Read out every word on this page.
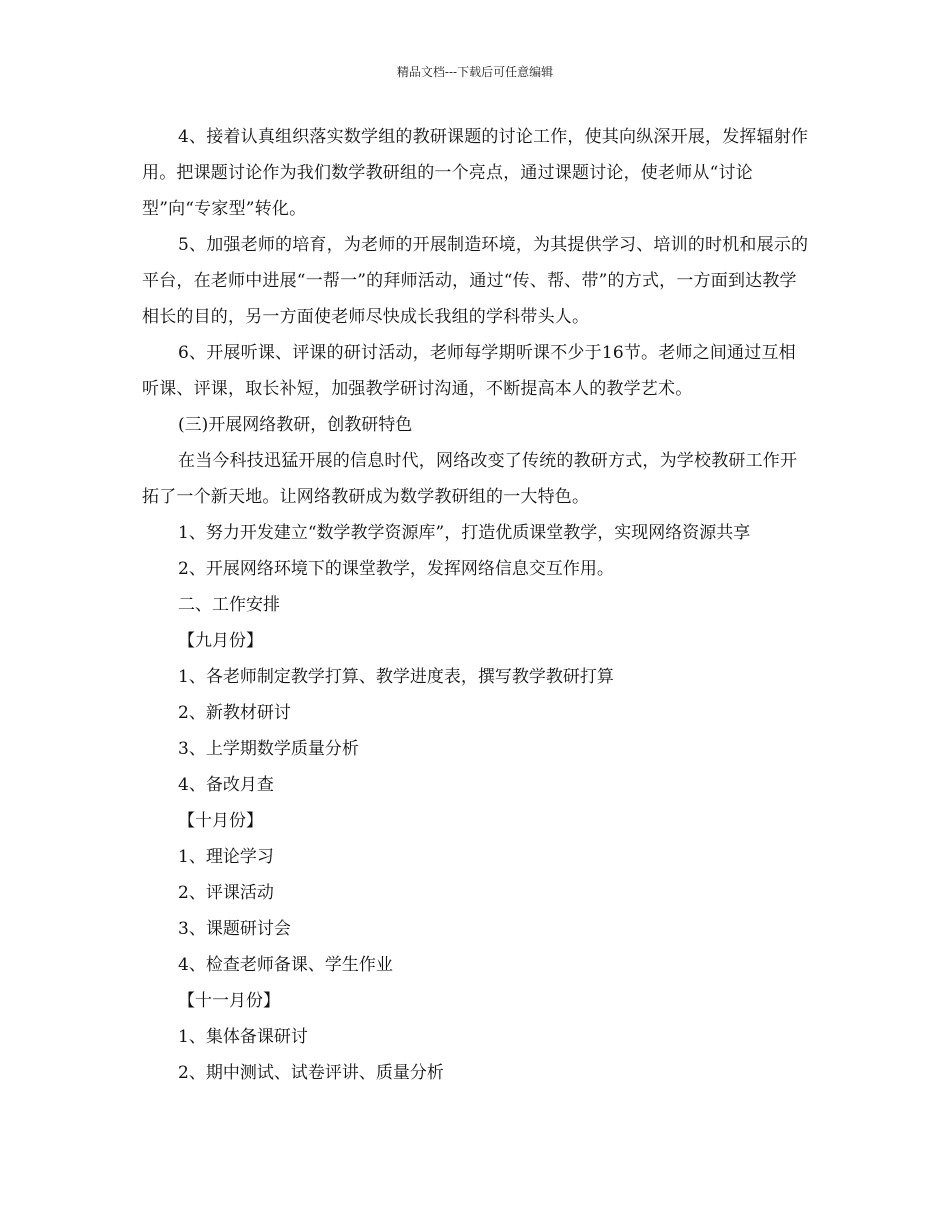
精品文档---下载后可任意编辑

4、接着认真组织落实数学组的教研课题的讨论工作，使其向纵深开展，发挥辐射作用。把课题讨论作为我们数学教研组的一个亮点，通过课题讨论，使老师从“讨论型”向“专家型”转化。

5、加强老师的培育，为老师的开展制造环境，为其提供学习、培训的时机和展示的平台，在老师中进展“一帮一”的拜师活动，通过“传、帮、带”的方式，一方面到达教学相长的目的，另一方面使老师尽快成长我组的学科带头人。

6、开展听课、评课的研讨活动，老师每学期听课不少于16节。老师之间通过互相听课、评课，取长补短，加强教学研讨沟通，不断提高本人的教学艺术。

(三)开展网络教研，创教研特色

在当今科技迅猛开展的信息时代，网络改变了传统的教研方式，为学校教研工作开拓了一个新天地。让网络教研成为数学教研组的一大特色。

1、努力开发建立“数学教学资源库”，打造优质课堂教学，实现网络资源共享

2、开展网络环境下的课堂教学，发挥网络信息交互作用。

二、工作安排

【九月份】

1、各老师制定教学打算、教学进度表，撰写教学教研打算

2、新教材研讨

3、上学期数学质量分析

4、备改月查

【十月份】

1、理论学习

2、评课活动

3、课题研讨会

4、检查老师备课、学生作业

【十一月份】

1、集体备课研讨

2、期中测试、试卷评讲、质量分析
